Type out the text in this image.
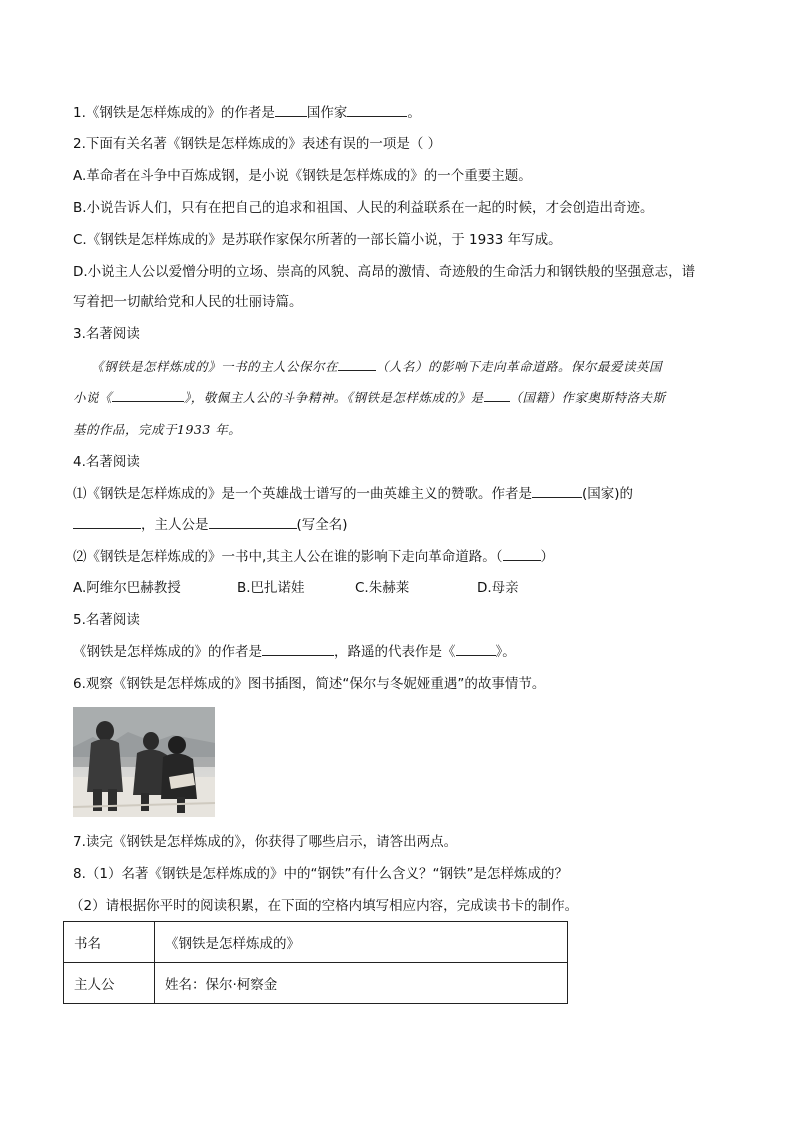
1.《钢铁是怎样炼成的》的作者是 国作家	。
2.下面有关名著《钢铁是怎样炼成的》表述有误的一项是（ ）
A.革命者在斗争中百炼成钢，是小说《钢铁是怎样炼成的》的一个重要主题。
B.小说告诉人们，只有在把自己的追求和祖国、人民的利益联系在一起的时候，才会创造出奇迹。
C.《钢铁是怎样炼成的》是苏联作家保尔所著的一部长篇小说，于 1933 年写成。
D.小说主人公以爱憎分明的立场、崇高的风貌、高昂的激情、奇迹般的生命活力和钢铁般的坚强意志，谱
写着把一切献给党和人民的壮丽诗篇。
3.名著阅读
《钢铁是怎样炼成的》一书的主人公保尔在	（人名）的影响下走向革命道路。保尔最爱读英国
小说《	》，敬佩主人公的斗争精神。《钢铁是怎样炼成的》是 （国籍）作家奥斯特洛夫斯
基的作品，完成于1933 年。
4.名著阅读
⑴《钢铁是怎样炼成的》是一个英雄战士谱写的一曲英雄主义的赞歌。作者是	(国家)的
，主人公是	(写全名)
⑵《钢铁是怎样炼成的》一书中,其主人公在谁的影响下走向革命道路。（	）
A.阿维尔巴赫教授	B.巴扎诺娃	C.朱赫莱	D.母亲
5.名著阅读
《钢铁是怎样炼成的》的作者是	，路遥的代表作是《	》。
6.观察《钢铁是怎样炼成的》图书插图，简述“保尔与冬妮娅重遇”的故事情节。
7.读完《钢铁是怎样炼成的》，你获得了哪些启示，请答出两点。
8.（1）名著《钢铁是怎样炼成的》中的“钢铁”有什么含义？“钢铁”是怎样炼成的？
（2）请根据你平时的阅读积累，在下面的空格内填写相应内容，完成读书卡的制作。
书名	《钢铁是怎样炼成的》
主人公	姓名：保尔·柯察金
